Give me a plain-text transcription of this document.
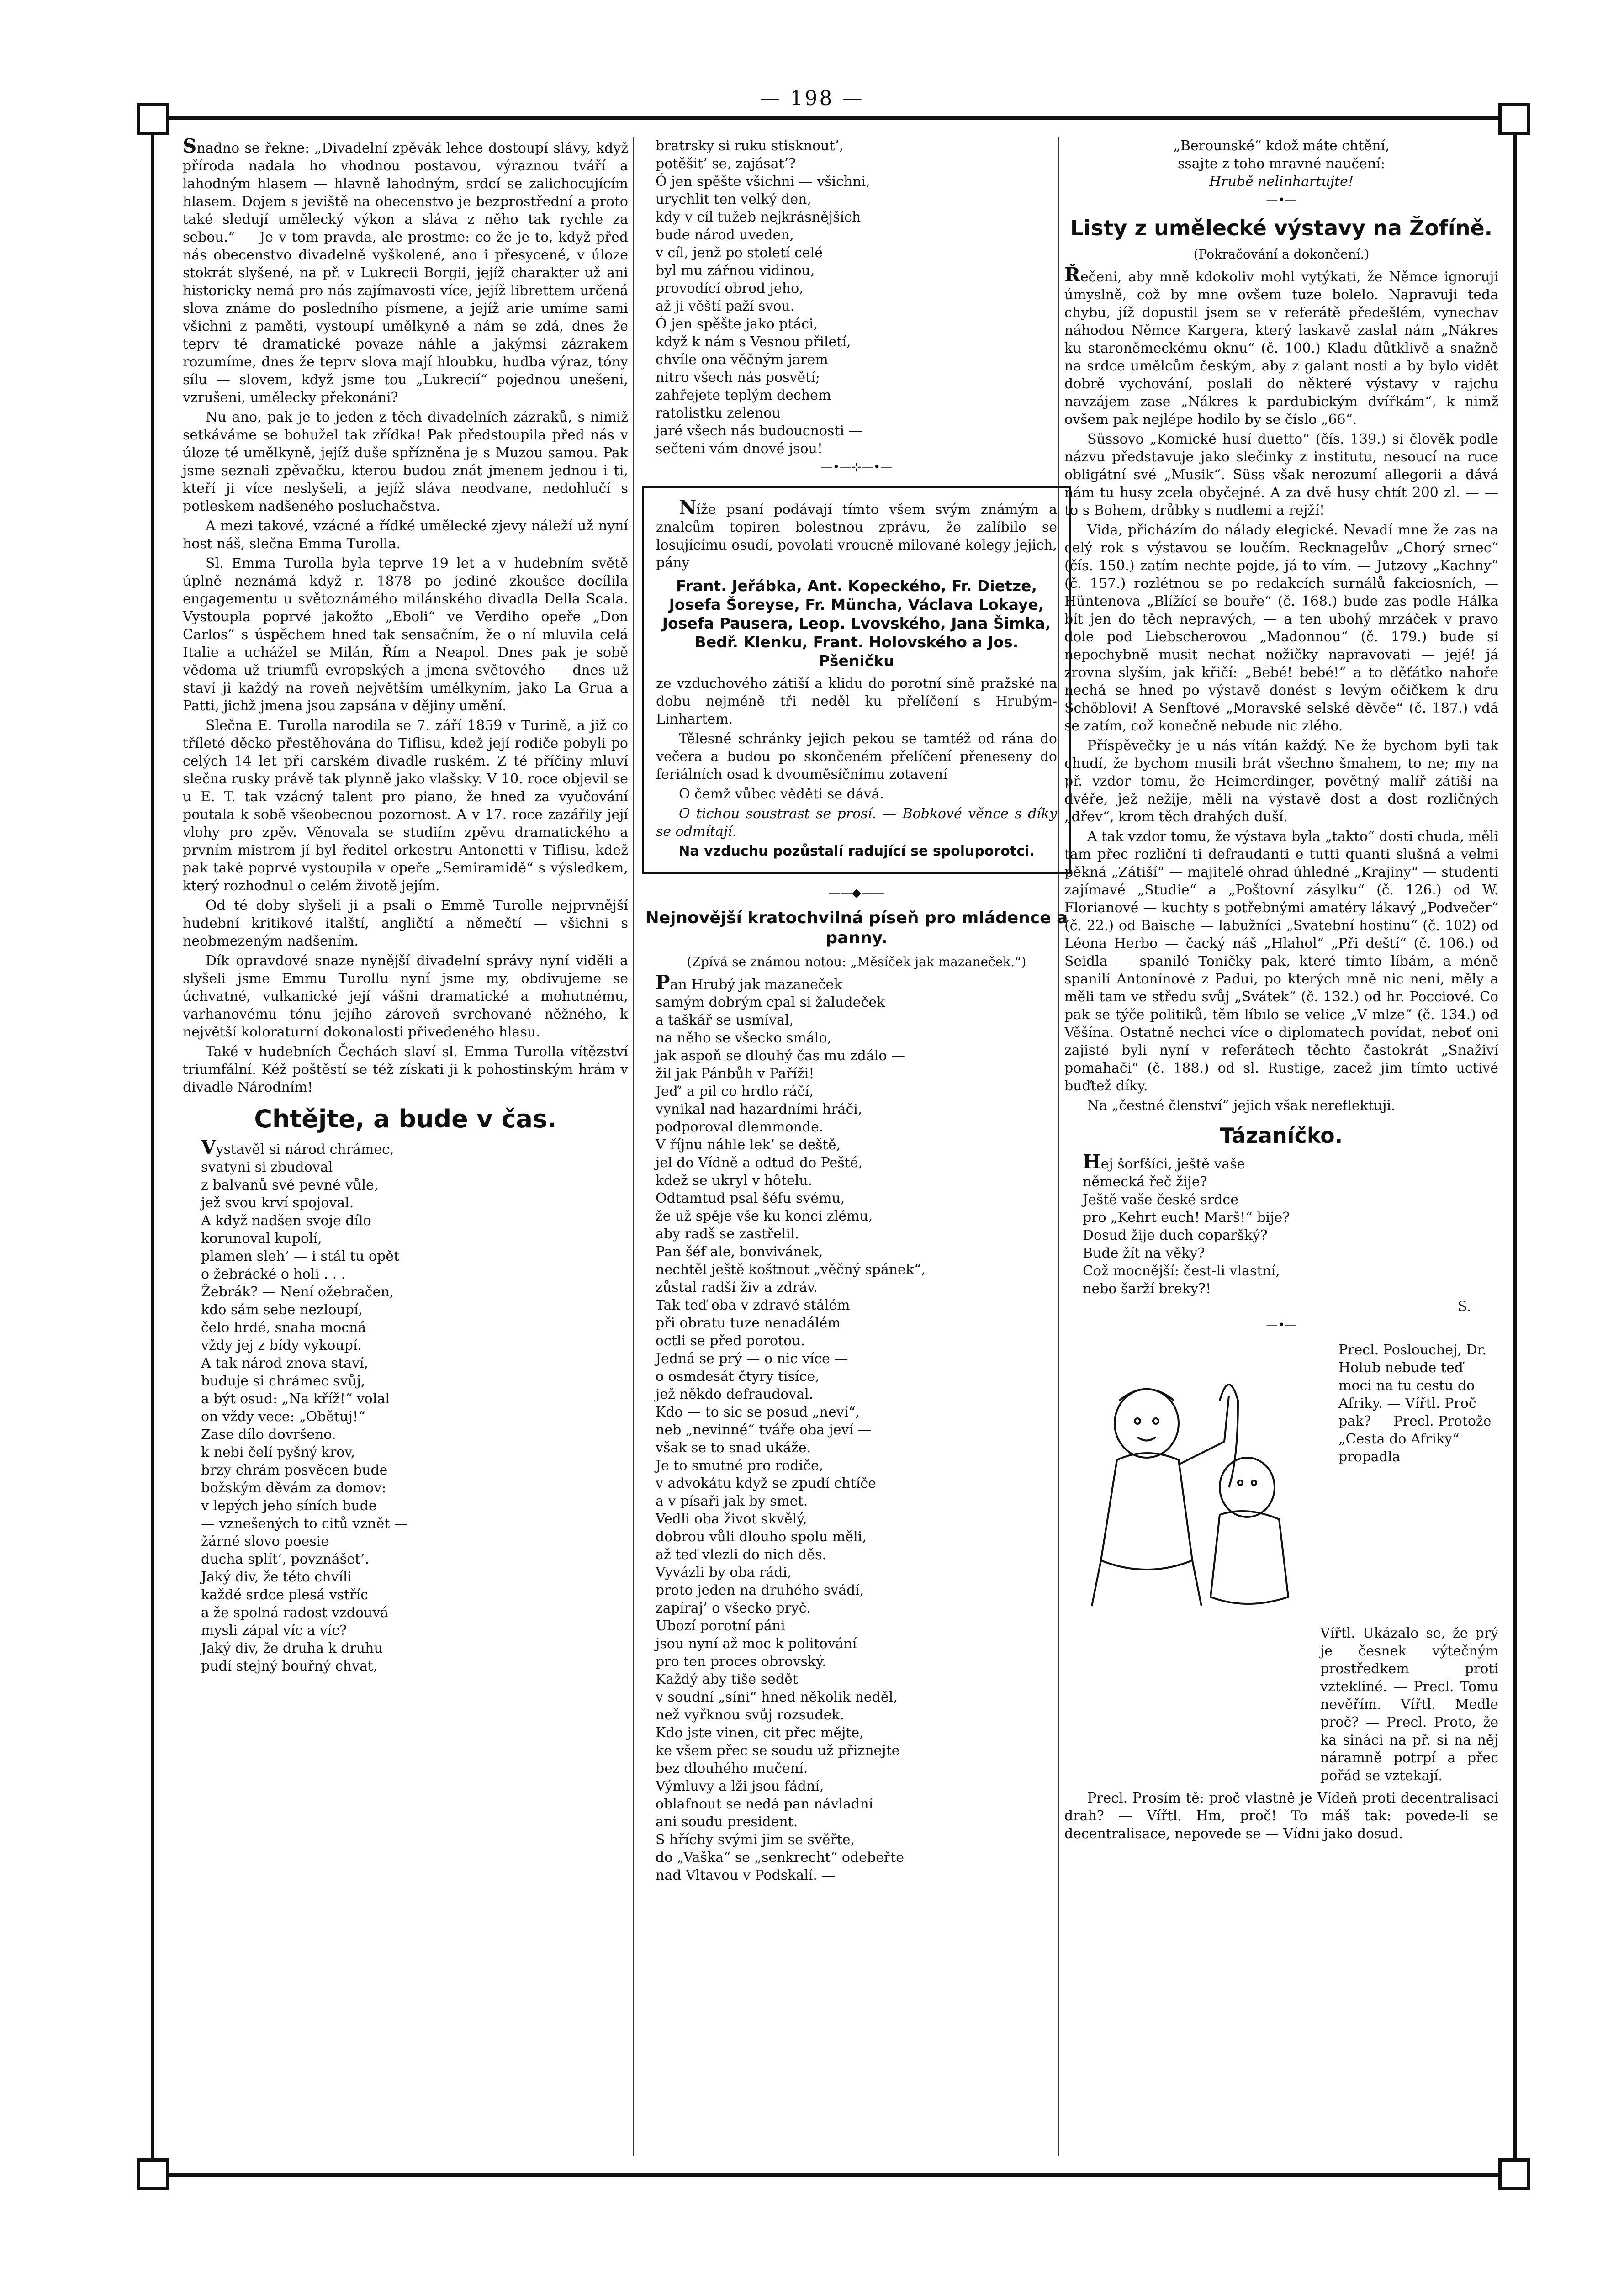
— 198 —

Snadno se řekne: „Divadelní zpěvák lehce dostoupí slávy, když příroda nadala ho vhodnou postavou, výraznou tváří a lahodným hlasem — hlavně lahodným, srdcí se zalichocujícím hlasem. Dojem s jeviště na obecenstvo je bezprostřední a proto také sledují umělecký výkon a sláva z něho tak rychle za sebou.“ — Je v tom pravda, ale prostme: co že je to, když před nás obecenstvo divadelně vyškolené, ano i přesycené, v úloze stokrát slyšené, na př. v Lukrecii Borgii, jejíž charakter už ani historicky nemá pro nás zajímavosti více, jejíž librettem určená slova známe do posledního písmene, a jejíž arie umíme sami všichni z paměti, vystoupí umělkyně a nám se zdá, dnes že teprv té dramatické povaze náhle a jakýmsi zázrakem rozumíme, dnes že teprv slova mají hloubku, hudba výraz, tóny sílu — slovem, když jsme tou „Lukrecií“ pojednou unešeni, vzrušeni, umělecky překonáni?

Nu ano, pak je to jeden z těch divadelních zázraků, s nimiž setkáváme se bohužel tak zřídka! Pak předstoupila před nás v úloze té umělkyně, jejíž duše spřízněna je s Muzou samou. Pak jsme seznali zpěvačku, kterou budou znát jmenem jednou i ti, kteří ji více neslyšeli, a jejíž sláva neodvane, nedohlučí s potleskem nadšeného posluchačstva.

A mezi takové, vzácné a řídké umělecké zjevy náleží už nyní host náš, slečna Emma Turolla.

Sl. Emma Turolla byla teprve 19 let a v hudebním světě úplně neznámá když r. 1878 po jediné zkoušce docílila engagementu u světoznámého milánského divadla Della Scala. Vystoupla poprvé jakožto „Eboli“ ve Verdiho opeře „Don Carlos“ s úspěchem hned tak sensačním, že o ní mluvila celá Italie a uchážel se Milán, Řím a Neapol. Dnes pak je sobě vědoma už triumfů evropských a jmena světového — dnes už staví ji každý na roveň největším umělkyním, jako La Grua a Patti, jichž jmena jsou zapsána v dějiny umění.

Slečna E. Turolla narodila se 7. září 1859 v Turině, a již co tříleté děcko přestěhována do Tiflisu, kdež její rodiče pobyli po celých 14 let při carském divadle ruském. Z té příčiny mluví slečna rusky právě tak plynně jako vlašsky. V 10. roce objevil se u E. T. tak vzácný talent pro piano, že hned za vyučování poutala k sobě všeobecnou pozornost. A v 17. roce zazářily její vlohy pro zpěv. Věnovala se studiím zpěvu dramatického a prvním mistrem jí byl ředitel orkestru Antonetti v Tiflisu, kdež pak také poprvé vystoupila v opeře „Semiramidě“ s výsledkem, který rozhodnul o celém životě jejím.

Od té doby slyšeli ji a psali o Emmě Turolle nejprvnější hudební kritikové italští, angličtí a němečtí — všichni s neobmezeným nadšením.

Dík opravdové snaze nynější divadelní správy nyní viděli a slyšeli jsme Emmu Turollu nyní jsme my, obdivujeme se úchvatné, vulkanické její vášni dramatické a mohutnému, varhanovému tónu jejího zároveň svrchované něžného, k největší koloraturní dokonalosti přivedeného hlasu.

Také v hudebních Čechách slaví sl. Emma Turolla vítězství triumfální. Kéž poštěstí se též získati ji k pohostinským hrám v divadle Národním!

Chtějte, a bude v čas.
Vystavěl si národ chrámec,
svatyni si zbudoval
z balvanů své pevné vůle,
jež svou krví spojoval.
A když nadšen svoje dílo
korunoval kupolí,
plamen sleh’ — i stál tu opět
o žebrácké o holi . . .
Žebrák? — Není ožebračen,
kdo sám sebe nezloupí,
čelo hrdé, snaha mocná
vždy jej z bídy vykoupí.
A tak národ znova staví,
buduje si chrámec svůj,
a být osud: „Na kříž!“ volal
on vždy vece: „Obětuj!“
Zase dílo dovršeno.
k nebi čelí pyšný krov,
brzy chrám posvěcen bude
božským děvám za domov:
v lepých jeho síních bude
— vznešených to citů vznět —
žárné slovo poesie
ducha splít’, povznášet’.
Jaký div, že této chvíli
každé srdce plesá vstříc
a že spolná radost vzdouvá
mysli zápal víc a víc?
Jaký div, že druha k druhu
pudí stejný bouřný chvat,
bratrsky si ruku stisknout’,
potěšit’ se, zajásat’?
Ó jen spěšte všichni — všichni,
urychlit ten velký den,
kdy v cíl tužeb nejkrásnějších
bude národ uveden,
v cíl, jenž po století celé
byl mu zářnou vidinou,
provodící obrod jeho,
až ji věští paží svou.
Ó jen spěšte jako ptáci,
když k nám s Vesnou přiletí,
chvíle ona věčným jarem
nitro všech nás posvětí;
zahřejete teplým dechem
ratolistku zelenou
jaré všech nás budoucnosti —
sečteni vám dnové jsou!
—•—⊹—•—

Níže psaní podávají tímto všem svým známým a znalcům topiren bolestnou zprávu, že zalíbilo se losujícímu osudí, povolati vroucně milované kolegy jejich, pány

Frant. Jeřábka, Ant. Kopeckého, Fr. Dietze, Josefa Šoreyse, Fr. Münchа, Václava Lokaye, Josefa Pausera, Leop. Lvovského, Jana Šimka, Bedř. Klenku, Frant. Holovského a Jos. Pšeničku

ze vzduchového zátiší a klidu do porotní síně pražské na dobu nejméně tři neděl ku přelíčení s Hrubým-Linhartem.

Tělesné schránky jejich pekou se tamtéž od rána do večera a budou po skončeném přelíčení přeneseny do feriálních osad k dvouměsíčnímu zotavení

O čemž vůbec věděti se dává.

O tichou soustrast se prosí. — Bobkové věnce s díky se odmítají.

Na vzduchu pozůstalí radující se spoluporotci.

——◆——
Nejnovější kratochvilná píseň pro mládence a panny.
(Zpívá se známou notou: „Měsíček jak mazaneček.“)
Pan Hrubý jak mazaneček
samým dobrým cpal si žaludeček
a taškář se usmíval,
na něho se všecko smálo,
jak aspoň se dlouhý čas mu zdálo —
žil jak Pánbůh v Paříži!
Jeď’ a pil co hrdlo ráčí,
vynikal nad hazardními hráči,
podporoval dlemmonde.
V říjnu náhle lek’ se deště,
jel do Vídně a odtud do Pešté,
kdež se ukryl v hôtelu.
Odtamtud psal šéfu svému,
že už spěje vše ku konci zlému,
aby radš se zastřelil.
Pan šéf ale, bonvivánek,
nechtěl ještě koštnout „věčný spánek“,
zůstal radší živ a zdráv.
Tak teď oba v zdravé stálém
při obratu tuze nenadálém
octli se před porotou.
Jedná se prý — o nic více —
o osmdesát čtyry tisíce,
jež někdo defraudoval.
Kdo — to sic se posud „neví“,
neb „nevinné“ tváře oba jeví —
však se to snad ukáže.
Je to smutné pro rodiče,
v advokátu když se zpudí chtíče
a v písaři jak by smet.
Vedli oba život skvělý,
dobrou vůli dlouho spolu měli,
až teď vlezli do nich děs.
Vyvázli by oba rádi,
proto jeden na druhého svádí,
zapíraj’ o všecko pryč.
Ubozí porotní páni
jsou nyní až moc k politování
pro ten proces obrovský.
Každý aby tiše sedět
v soudní „síni“ hned několik neděl,
než vyřknou svůj rozsudek.
Kdo jste vinen, cit přec mějte,
ke všem přec se soudu už přiznejte
bez dlouhého mučení.
Výmluvy a lži jsou fádní,
oblafnout se nedá pan návladní
ani soudu president.
S hříchy svými jim se svěřte,
do „Vaška“ se „senkrecht“ odebeřte
nad Vltavou v Podskalí. —
„Berounské“ kdož máte chtění,
ssajte z toho mravné naučení:
Hrubě nelinhartujte!
—•—
Listy z umělecké výstavy na Žofíně.
(Pokračování a dokončení.)

Řečeni, aby mně kdokoliv mohl vytýkati, že Němce ignoruji úmyslně, což by mne ovšem tuze bolelo. Napravuji teda chybu, jíž dopustil jsem se v referátě předešlém, vynechav náhodou Němce Kargera, který laskavě zaslal nám „Nákres ku staroněmeckému oknu“ (č. 100.) Kladu důtklivě a snažně na srdce umělcům českým, aby z galant nosti a by bylo vidět dobrě vychování, poslali do některé výstavy v rajchu navzájem zase „Nákres k pardubickým dvířkám“, k nimž ovšem pak nejlépe hodilo by se číslo „66“.

Süssovo „Komické husí duetto“ (čís. 139.) si člověk podle názvu představuje jako slečinky z institutu, nesoucí na ruce obligátní své „Musik“. Süss však nerozumí allegorii a dává nám tu husy zcela obyčejné. A za dvě husy chtít 200 zl. — — to s Bohem, drůbky s nudlemi a rejží!

Vida, přicházím do nálady elegické. Nevadí mne že zas na celý rok s výstavou se loučím. Recknagelův „Chorý srnec“ (čís. 150.) zatím nechte pojde, já to vím. — Jutzovy „Kachny“ (č. 157.) rozlétnou se po redakcích surnálů fakciosních, — Hüntenova „Blížící se bouře“ (č. 168.) bude zas podle Hálka bít jen do těch nepravých, — a ten ubohý mrzáček v pravo dole pod Liebscherovou „Madonnou“ (č. 179.) bude si nepochybně musit nechat nožičky napravovati — jejé! já zrovna slyším, jak křičí: „Bebé! bebé!“ a to děťátko nahoře nechá se hned po výstavě donést s levým očičkem k dru Schöblovi! A Senftové „Moravské selské děvče“ (č. 187.) vdá se zatím, což konečně nebude nic zlého.

Příspěvečky je u nás vítán každý. Ne že bychom byli tak chudí, že bychom musili brát všechno šmahem, to ne; my na př. vzdor tomu, že Heimerdinger, povětný malíř zátiší na dvěře, jež nežije, měli na výstavě dost a dost rozličných „dřev“, krom těch drahých duší.

A tak vzdor tomu, že výstava byla „takto“ dosti chuda, měli tam přec rozliční ti defraudanti e tutti quanti slušná a velmi pěkná „Zátiší“ — majitelé ohrad úhledné „Krajiny“ — studenti zajímavé „Studie“ a „Poštovní zásylku“ (č. 126.) od W. Florianové — kuchty s potřebnými amatéry lákavý „Podvečer“ (č. 22.) od Baische — labužníci „Svatební hostinu“ (č. 102) od Léona Herbo — čacký náš „Hlahol“ „Při deští“ (č. 106.) od Seidla — spanilé Toničky pak, které tímto líbám, a méně spanilí Antonínové z Padui, po kterých mně nic není, měly a měli tam ve středu svůj „Svátek“ (č. 132.) od hr. Pocciové. Co pak se týče politiků, těm líbilo se velice „V mlze“ (č. 134.) od Věšína. Ostatně nechci více o diplomatech povídat, neboť oni zajisté byli nyní v referátech těchto častokrát „Snaživí pomahači“ (č. 188.) od sl. Rustige, zacež jim tímto uctivé buďtež díky.

Na „čestné členství“ jejich však nereflektuji.

Tázaníčko.
Hej šorfšíci, ještě vaše
německá řeč žije?
Ještě vaše české srdce
pro „Kehrt euch! Marš!“ bije?
Dosud žije duch coparšký?
Bude žít na věky?
Což mocnější: čest-li vlastní,
nebo šarží breky?!
S.
—•—
Precl. Poslouchej, Dr. Holub nebude teď moci na tu cestu do Afriky. — Vířtl. Proč pak? — Precl. Protože „Cesta do Afriky“ propadla

Vířtl. Ukázalo se, že prý je česnek výtečným prostředkem proti vztekliné. — Precl. Tomu nevěřím. Vířtl. Medle proč? — Precl. Proto, že ka sináci na př. si na něj náramně potrpí a přec pořád se vztekají.

Precl. Prosím tě: proč vlastně je Vídeň proti decentralisaci drah? — Vířtl. Hm, proč! To máš tak: povede-li se decentralisace, nepovede se — Vídni jako dosud.
